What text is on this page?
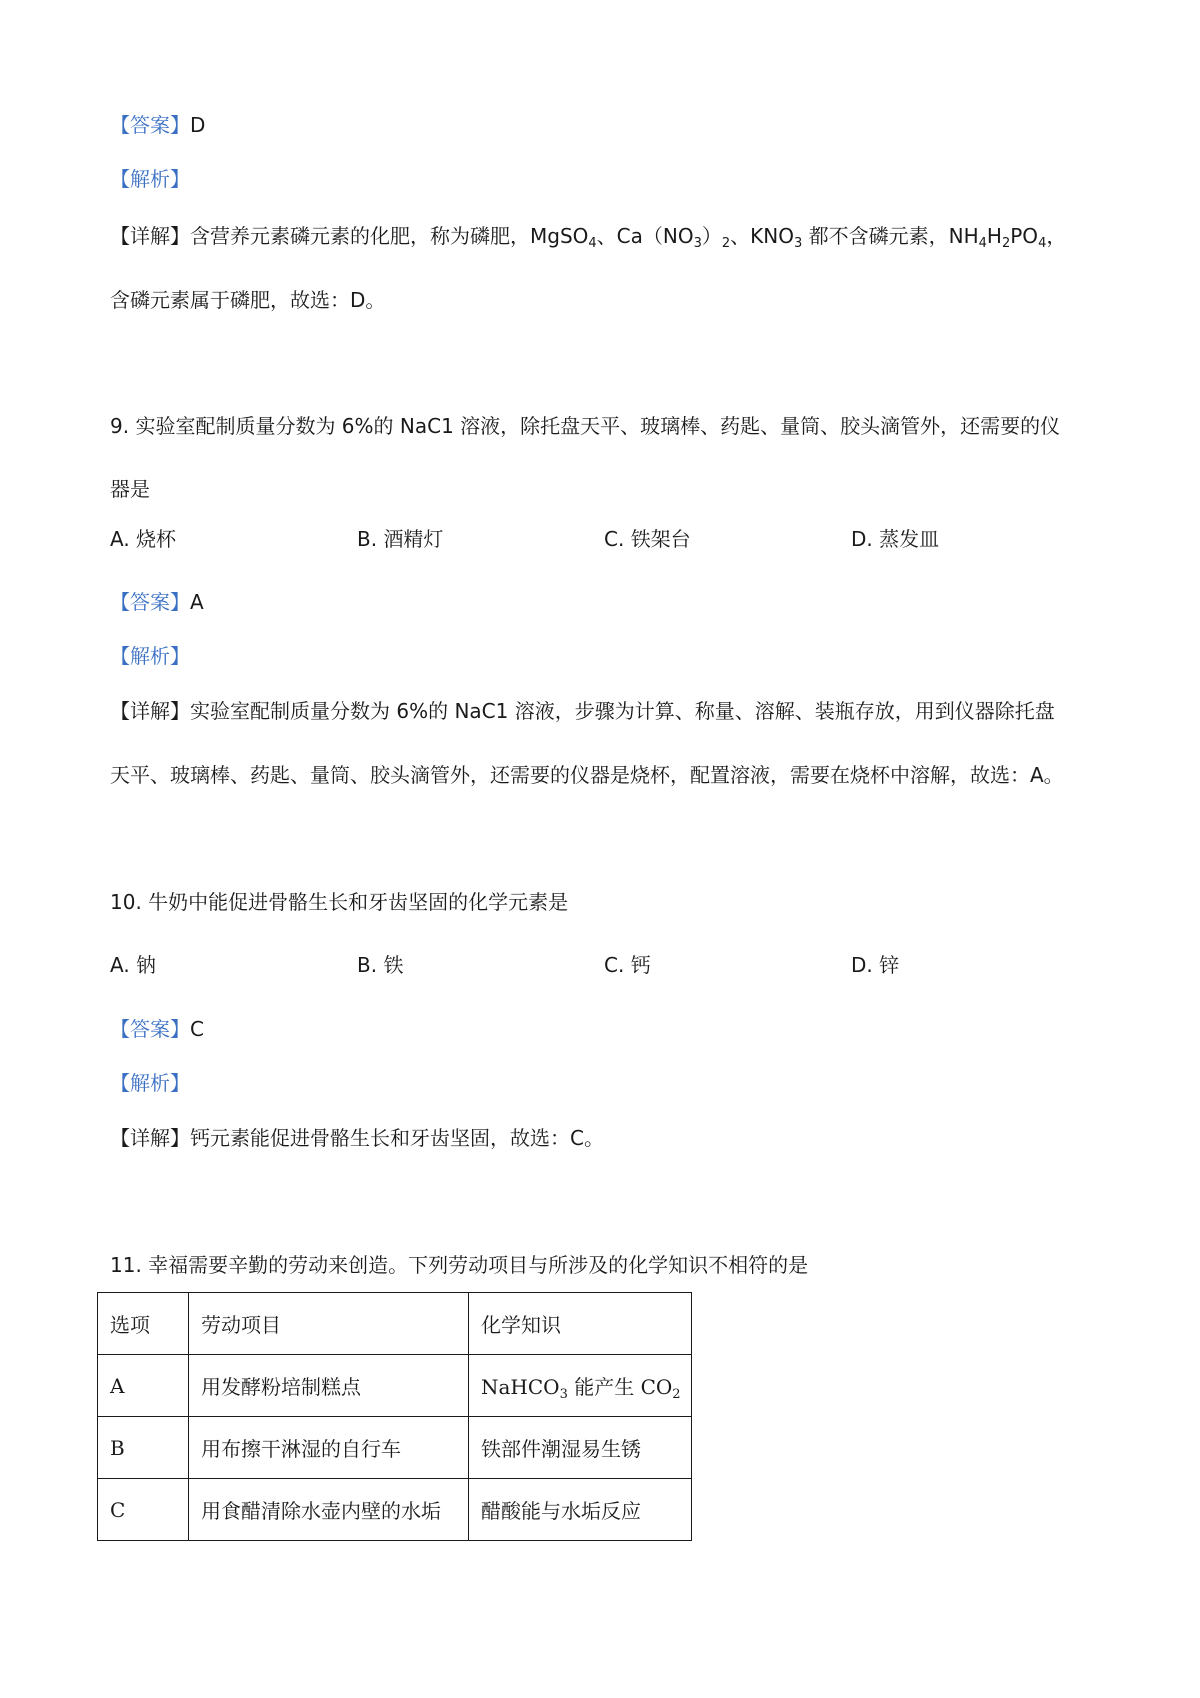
【答案】D
【解析】
【详解】含营养元素磷元素的化肥，称为磷肥，MgSO$_4$、$Ca(NO_3)_2$、$KNO_3$ 都不含磷元素，$NH_4H_2PO_4$，
含磷元素属于磷肥，故选：D。
9. 实验室配制质量分数为 6%的 NaC1 溶液，除托盘天平、玻璃棒、药匙、量筒、胶头滴管外，还需要的仪
器是
A. 烧杯	B. 酒精灯	C. 铁架台	D. 蒸发皿
【答案】A
【解析】
【详解】实验室配制质量分数为 6%的 NaC1 溶液，步骤为计算、称量、溶解、装瓶存放，用到仪器除托盘
天平、玻璃棒、药匙、量筒、胶头滴管外，还需要的仪器是烧杯，配置溶液，需要在烧杯中溶解，故选：A。
10. 牛奶中能促进骨骼生长和牙齿坚固的化学元素是
A. 钠	B. 铁	C. 钙	D. 锌
【答案】C
【解析】
【详解】钙元素能促进骨骼生长和牙齿坚固，故选：C。
11. 幸福需要辛勤的劳动来创造。下列劳动项目与所涉及的化学知识不相符的是
选项	劳动项目	化学知识
A	用发酵粉培制糕点	NaHCO$_3$ 能产生 $CO_2$
B	用布擦干淋湿的自行车	铁部件潮湿易生锈
C	用食醋清除水壶内壁的水垢	醋酸能与水垢反应
